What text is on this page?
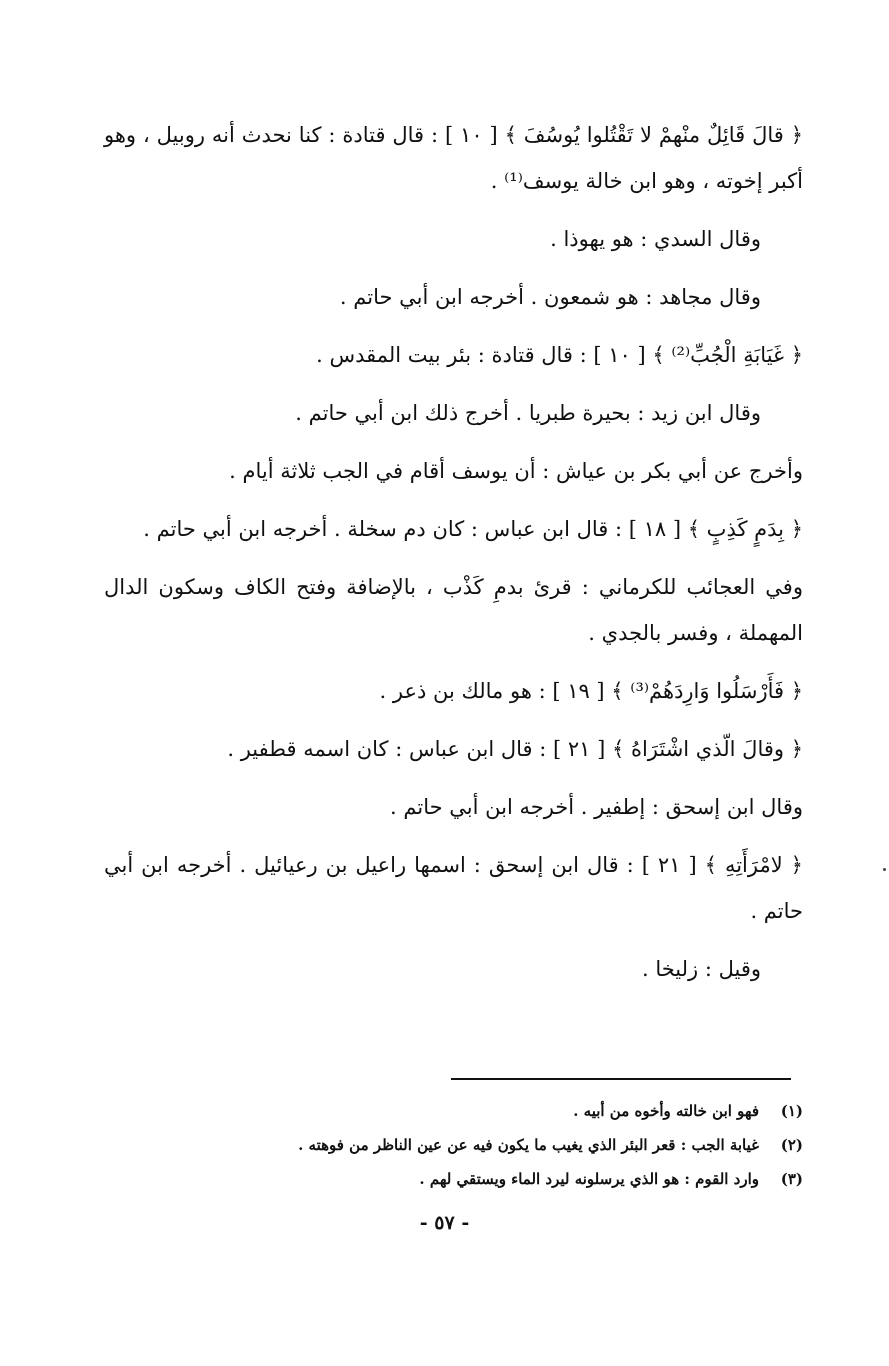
﴿ قالَ قَائِلٌ منْهمْ لا تَقْتُلوا يُوسُفَ ﴾ [ ١٠ ] : قال قتادة : كنا نحدث أنه روبيل ، وهو أكبر إخوته ، وهو ابن خالة يوسف⁽¹⁾ .

وقال السدي : هو يهوذا .

وقال مجاهد : هو شمعون . أخرجه ابن أبي حاتم .

﴿ غَيَابَةِ الْجُبِّ⁽²⁾ ﴾ [ ١٠ ] : قال قتادة : بئر بيت المقدس .

وقال ابن زيد : بحيرة طبريا . أخرج ذلك ابن أبي حاتم .

وأخرج عن أبي بكر بن عياش : أن يوسف أقام في الجب ثلاثة أيام .

﴿ بِدَمٍ كَذِبٍ ﴾ [ ١٨ ] : قال ابن عباس : كان دم سخلة . أخرجه ابن أبي حاتم .

وفي العجائب للكرماني : قرئ بدمِ كَذْب ، بالإضافة وفتح الكاف وسكون الدال المهملة ، وفسر بالجدي .

﴿ فَأَرْسَلُوا وَارِدَهُمْ⁽³⁾ ﴾ [ ١٩ ] : هو مالك بن ذعر .

﴿ وقالَ الّذي اشْتَرَاهُ ﴾ [ ٢١ ] : قال ابن عباس : كان اسمه قطفير .

وقال ابن إسحق : إطفير . أخرجه ابن أبي حاتم .

﴿ لامْرَأَتِهِ ﴾ [ ٢١ ] : قال ابن إسحق : اسمها راعيل بن رعيائيل . أخرجه ابن أبي حاتم .

وقيل : زليخا .

(١)
فهو ابن خالته وأخوه من أبيه .
(٢)
غيابة الجب : قعر البئر الذي يغيب ما يكون فيه عن عين الناظر من فوهته .
(٣)
وارد القوم : هو الذي يرسلونه ليرد الماء ويستقي لهم .
- ٥٧ -
